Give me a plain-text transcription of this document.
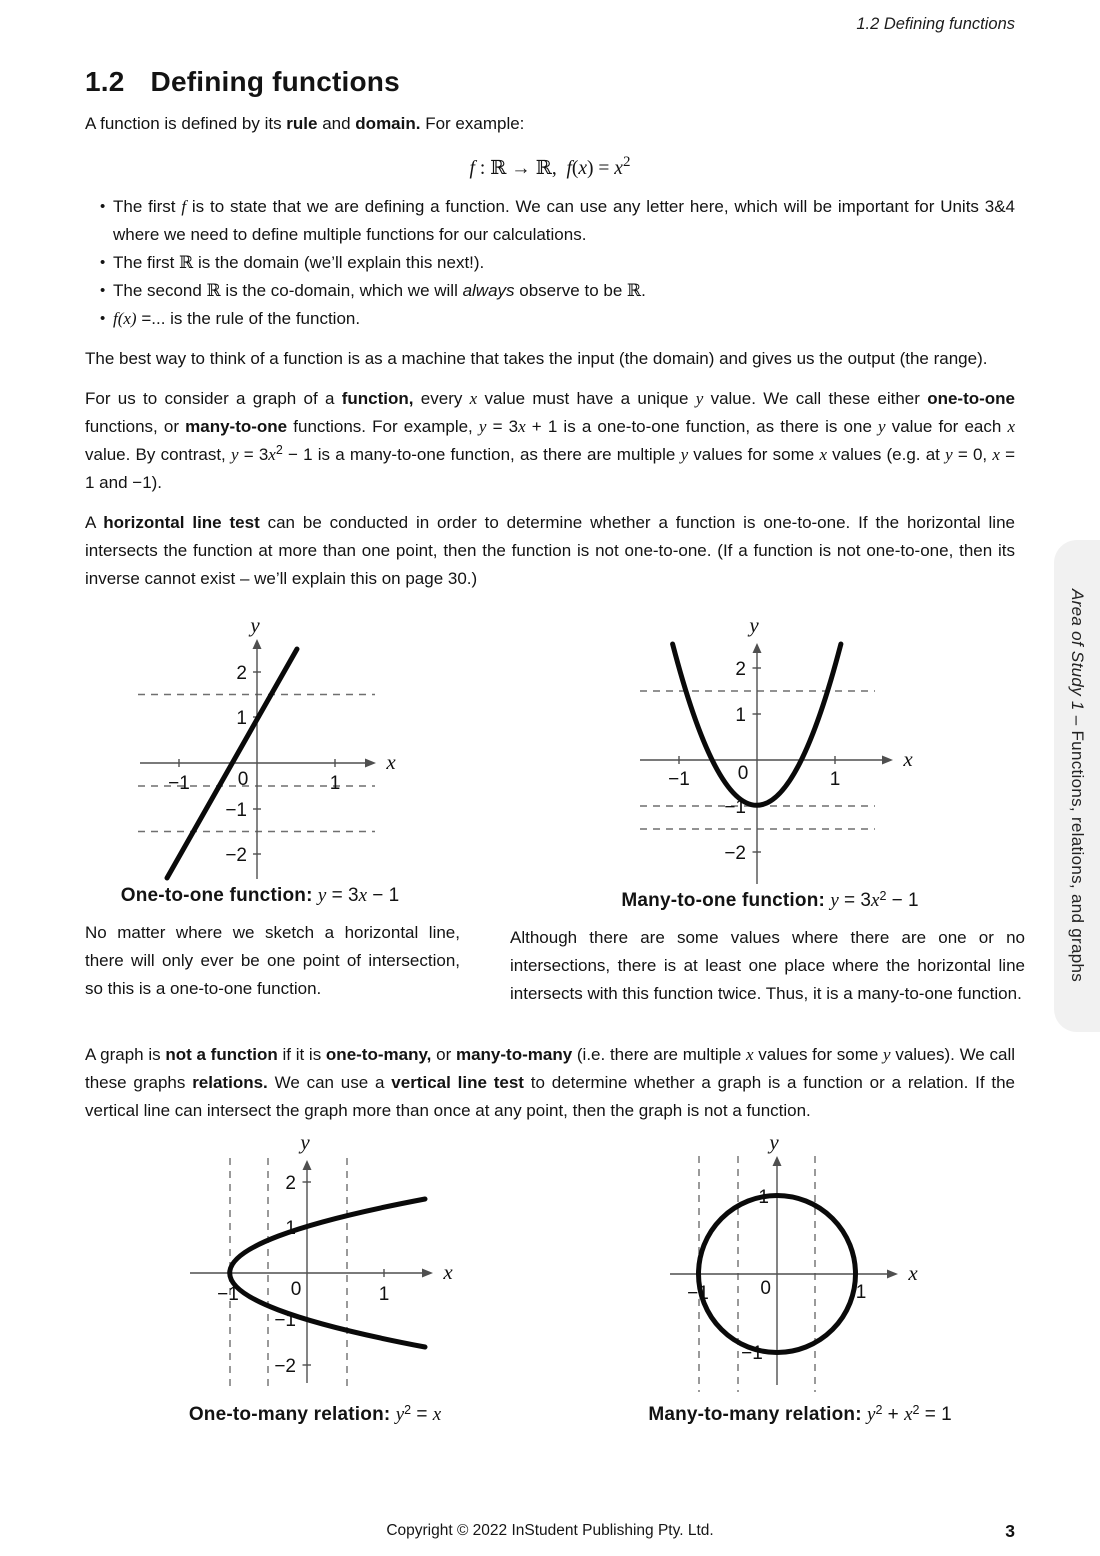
1.2 Defining functions
1.2 Defining functions

A function is defined by its rule and domain. For example:

f : ℝ → ℝ,  $f(x) = x^2$
• The first f is to state that we are defining a function. We can use any letter here, which will be important for Units 3&4 where we need to define multiple functions for our calculations.
• The first ℝ is the domain (we’ll explain this next!).
• The second ℝ is the co-domain, which we will always observe to be ℝ.
• f(x) =... is the rule of the function.

The best way to think of a function is as a machine that takes the input (the domain) and gives us the output (the range).

For us to consider a graph of a function, every x value must have a unique y value. We call these either one-to-one functions, or many-to-one functions. For example, y = 3x + 1 is a one-to-one function, as there is one y value for each x value. By contrast, $y = 3x^2 - 1$ is a many-to-one function, as there are multiple y values for some x values (e.g. at y = 0, x = 1 and −1).

A horizontal line test can be conducted in order to determine whether a function is one-to-one. If the horizontal line intersects the function at more than one point, then the function is not one-to-one. (If a function is not one-to-one, then its inverse cannot exist – we’ll explain this on page 30.)

2
1
−1
−2
0
−1	1
y
x
One-to-one function: y = 3x − 1

No matter where we sketch a horizontal line, there will only ever be one point of intersection, so this is a one-to-one function.

2
1
−1
−2
0
−1	1
y
x
Many-to-one function: $y = 3x^2 - 1$

Although there are some values where there are one or no intersections, there is at least one place where the horizontal line intersects with this function twice. Thus, it is a many-to-one function.

A graph is not a function if it is one-to-many, or many-to-many (i.e. there are multiple x values for some y values). We call these graphs relations. We can use a vertical line test to determine whether a graph is a function or a relation. If the vertical line can intersect the graph more than once at any point, then the graph is not a function.

2
1
−1
−2
0
−1	1
y
x
One-to-many relation: $y^2 = x$
1
−1	0
−1
1
y
x
Many-to-many relation: $y^2 + x^2 = 1$
Area of Study 1 – Functions, relations, and graphs
Copyright © 2022 InStudent Publishing Pty. Ltd.	3
